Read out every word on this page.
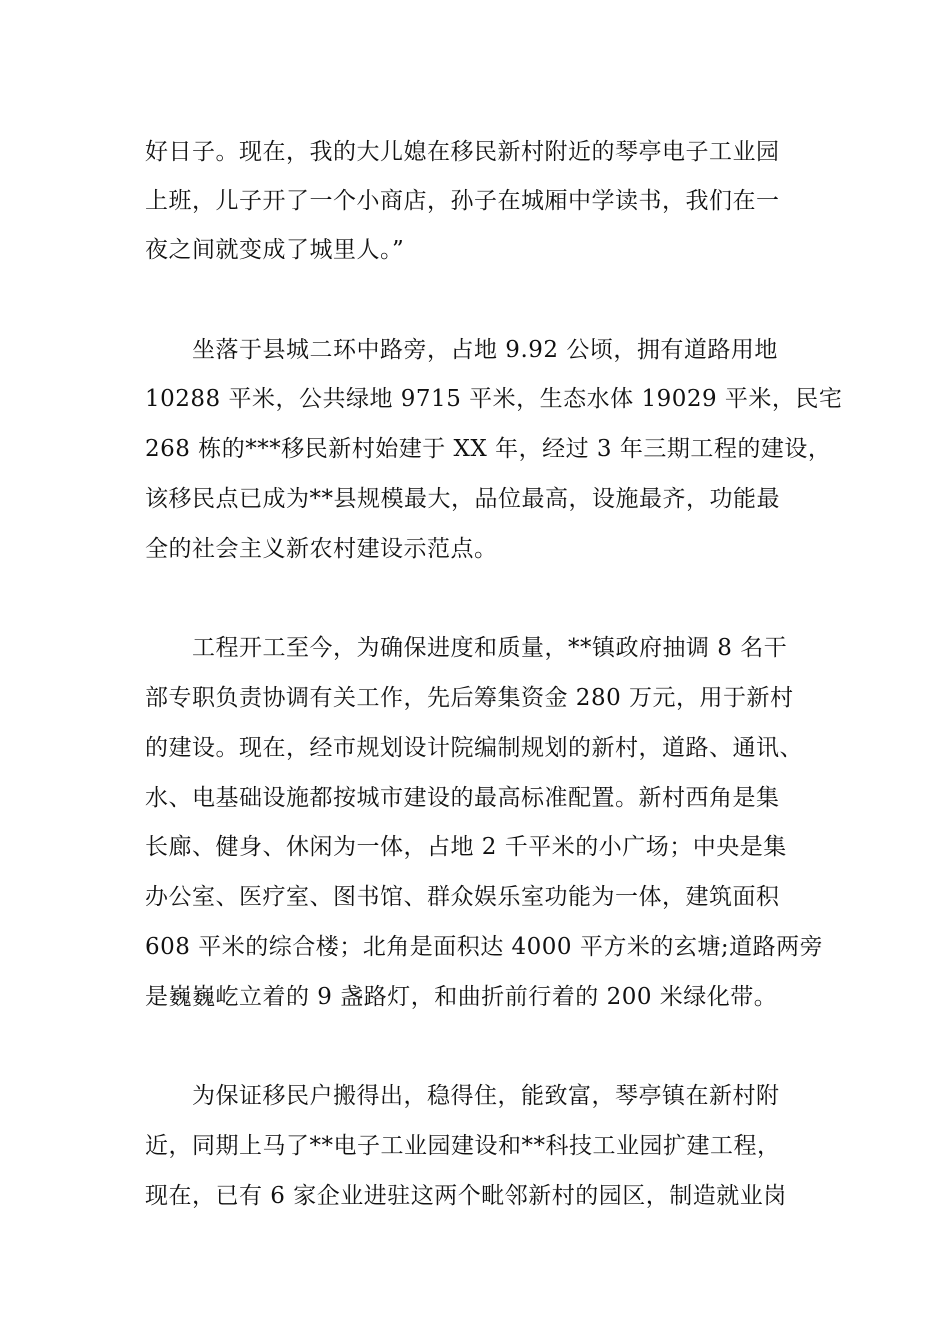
好日子。现在，我的大儿媳在移民新村附近的琴亭电子工业园
上班，儿子开了一个小商店，孙子在城厢中学读书，我们在一
夜之间就变成了城里人。”
坐落于县城二环中路旁，占地 9.92 公顷，拥有道路用地
10288 平米，公共绿地 9715 平米，生态水体 19029 平米，民宅
268 栋的***移民新村始建于 XX 年，经过 3 年三期工程的建设，
该移民点已成为**县规模最大，品位最高，设施最齐，功能最
全的社会主义新农村建设示范点。
工程开工至今，为确保进度和质量，**镇政府抽调 8 名干
部专职负责协调有关工作，先后筹集资金 280 万元，用于新村
的建设。现在，经市规划设计院编制规划的新村，道路、通讯、
水、电基础设施都按城市建设的最高标准配置。新村西角是集
长廊、健身、休闲为一体，占地 2 千平米的小广场；中央是集
办公室、医疗室、图书馆、群众娱乐室功能为一体，建筑面积
608 平米的综合楼；北角是面积达 4000 平方米的玄塘;道路两旁
是巍巍屹立着的 9 盏路灯，和曲折前行着的 200 米绿化带。
为保证移民户搬得出，稳得住，能致富，琴亭镇在新村附
近，同期上马了**电子工业园建设和**科技工业园扩建工程，
现在，已有 6 家企业进驻这两个毗邻新村的园区，制造就业岗
